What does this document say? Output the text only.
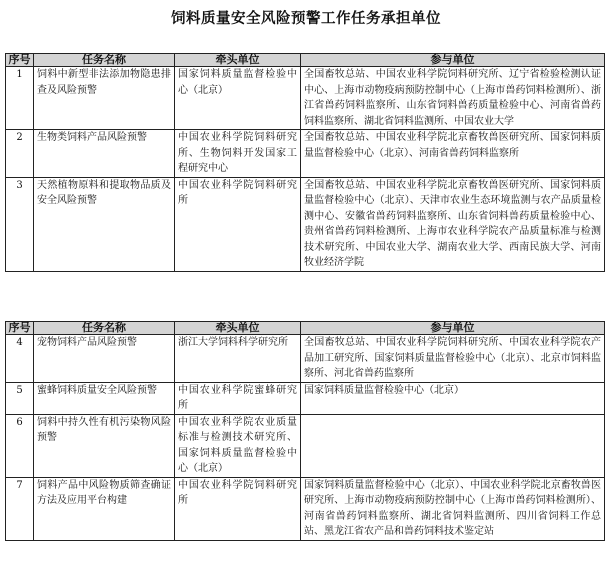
饲料质量安全风险预警工作任务承担单位
序号	任务名称	牵头单位	参与单位
1	饲料中新型非法添加物隐患排查及风险预警	国家饲料质量监督检验中心（北京）	全国畜牧总站、中国农业科学院饲料研究所、辽宁省检验检测认证中心、上海市动物疫病预防控制中心（上海市兽药饲料检测所）、浙江省兽药饲料监察所、山东省饲料兽药质量检验中心、河南省兽药饲料监察所、湖北省饲料监测所、中国农业大学
2	生物类饲料产品风险预警	中国农业科学院饲料研究所、生物饲料开发国家工程研究中心	全国畜牧总站、中国农业科学院北京畜牧兽医研究所、国家饲料质量监督检验中心（北京）、河南省兽药饲料监察所
3	天然植物原料和提取物品质及安全风险预警	中国农业科学院饲料研究所	全国畜牧总站、中国农业科学院北京畜牧兽医研究所、国家饲料质量监督检验中心（北京）、天津市农业生态环境监测与农产品质量检测中心、安徽省兽药饲料监察所、山东省饲料兽药质量检验中心、贵州省兽药饲料检测所、上海市农业科学院农产品质量标准与检测技术研究所、中国农业大学、湖南农业大学、西南民族大学、河南牧业经济学院
序号	任务名称	牵头单位	参与单位
4	宠物饲料产品风险预警	浙江大学饲料科学研究所	全国畜牧总站、中国农业科学院饲料研究所、中国农业科学院农产品加工研究所、国家饲料质量监督检验中心（北京）、北京市饲料监察所、河北省兽药监察所
5	蜜蜂饲料质量安全风险预警	中国农业科学院蜜蜂研究所	国家饲料质量监督检验中心（北京）
6	饲料中持久性有机污染物风险预警	中国农业科学院农业质量标准与检测技术研究所、国家饲料质量监督检验中心（北京）	
7	饲料产品中风险物质筛查确证方法及应用平台构建	中国农业科学院饲料研究所	国家饲料质量监督检验中心（北京）、中国农业科学院北京畜牧兽医研究所、上海市动物疫病预防控制中心（上海市兽药饲料检测所）、河南省兽药饲料监察所、湖北省饲料监测所、四川省饲料工作总站、黑龙江省农产品和兽药饲料技术鉴定站
